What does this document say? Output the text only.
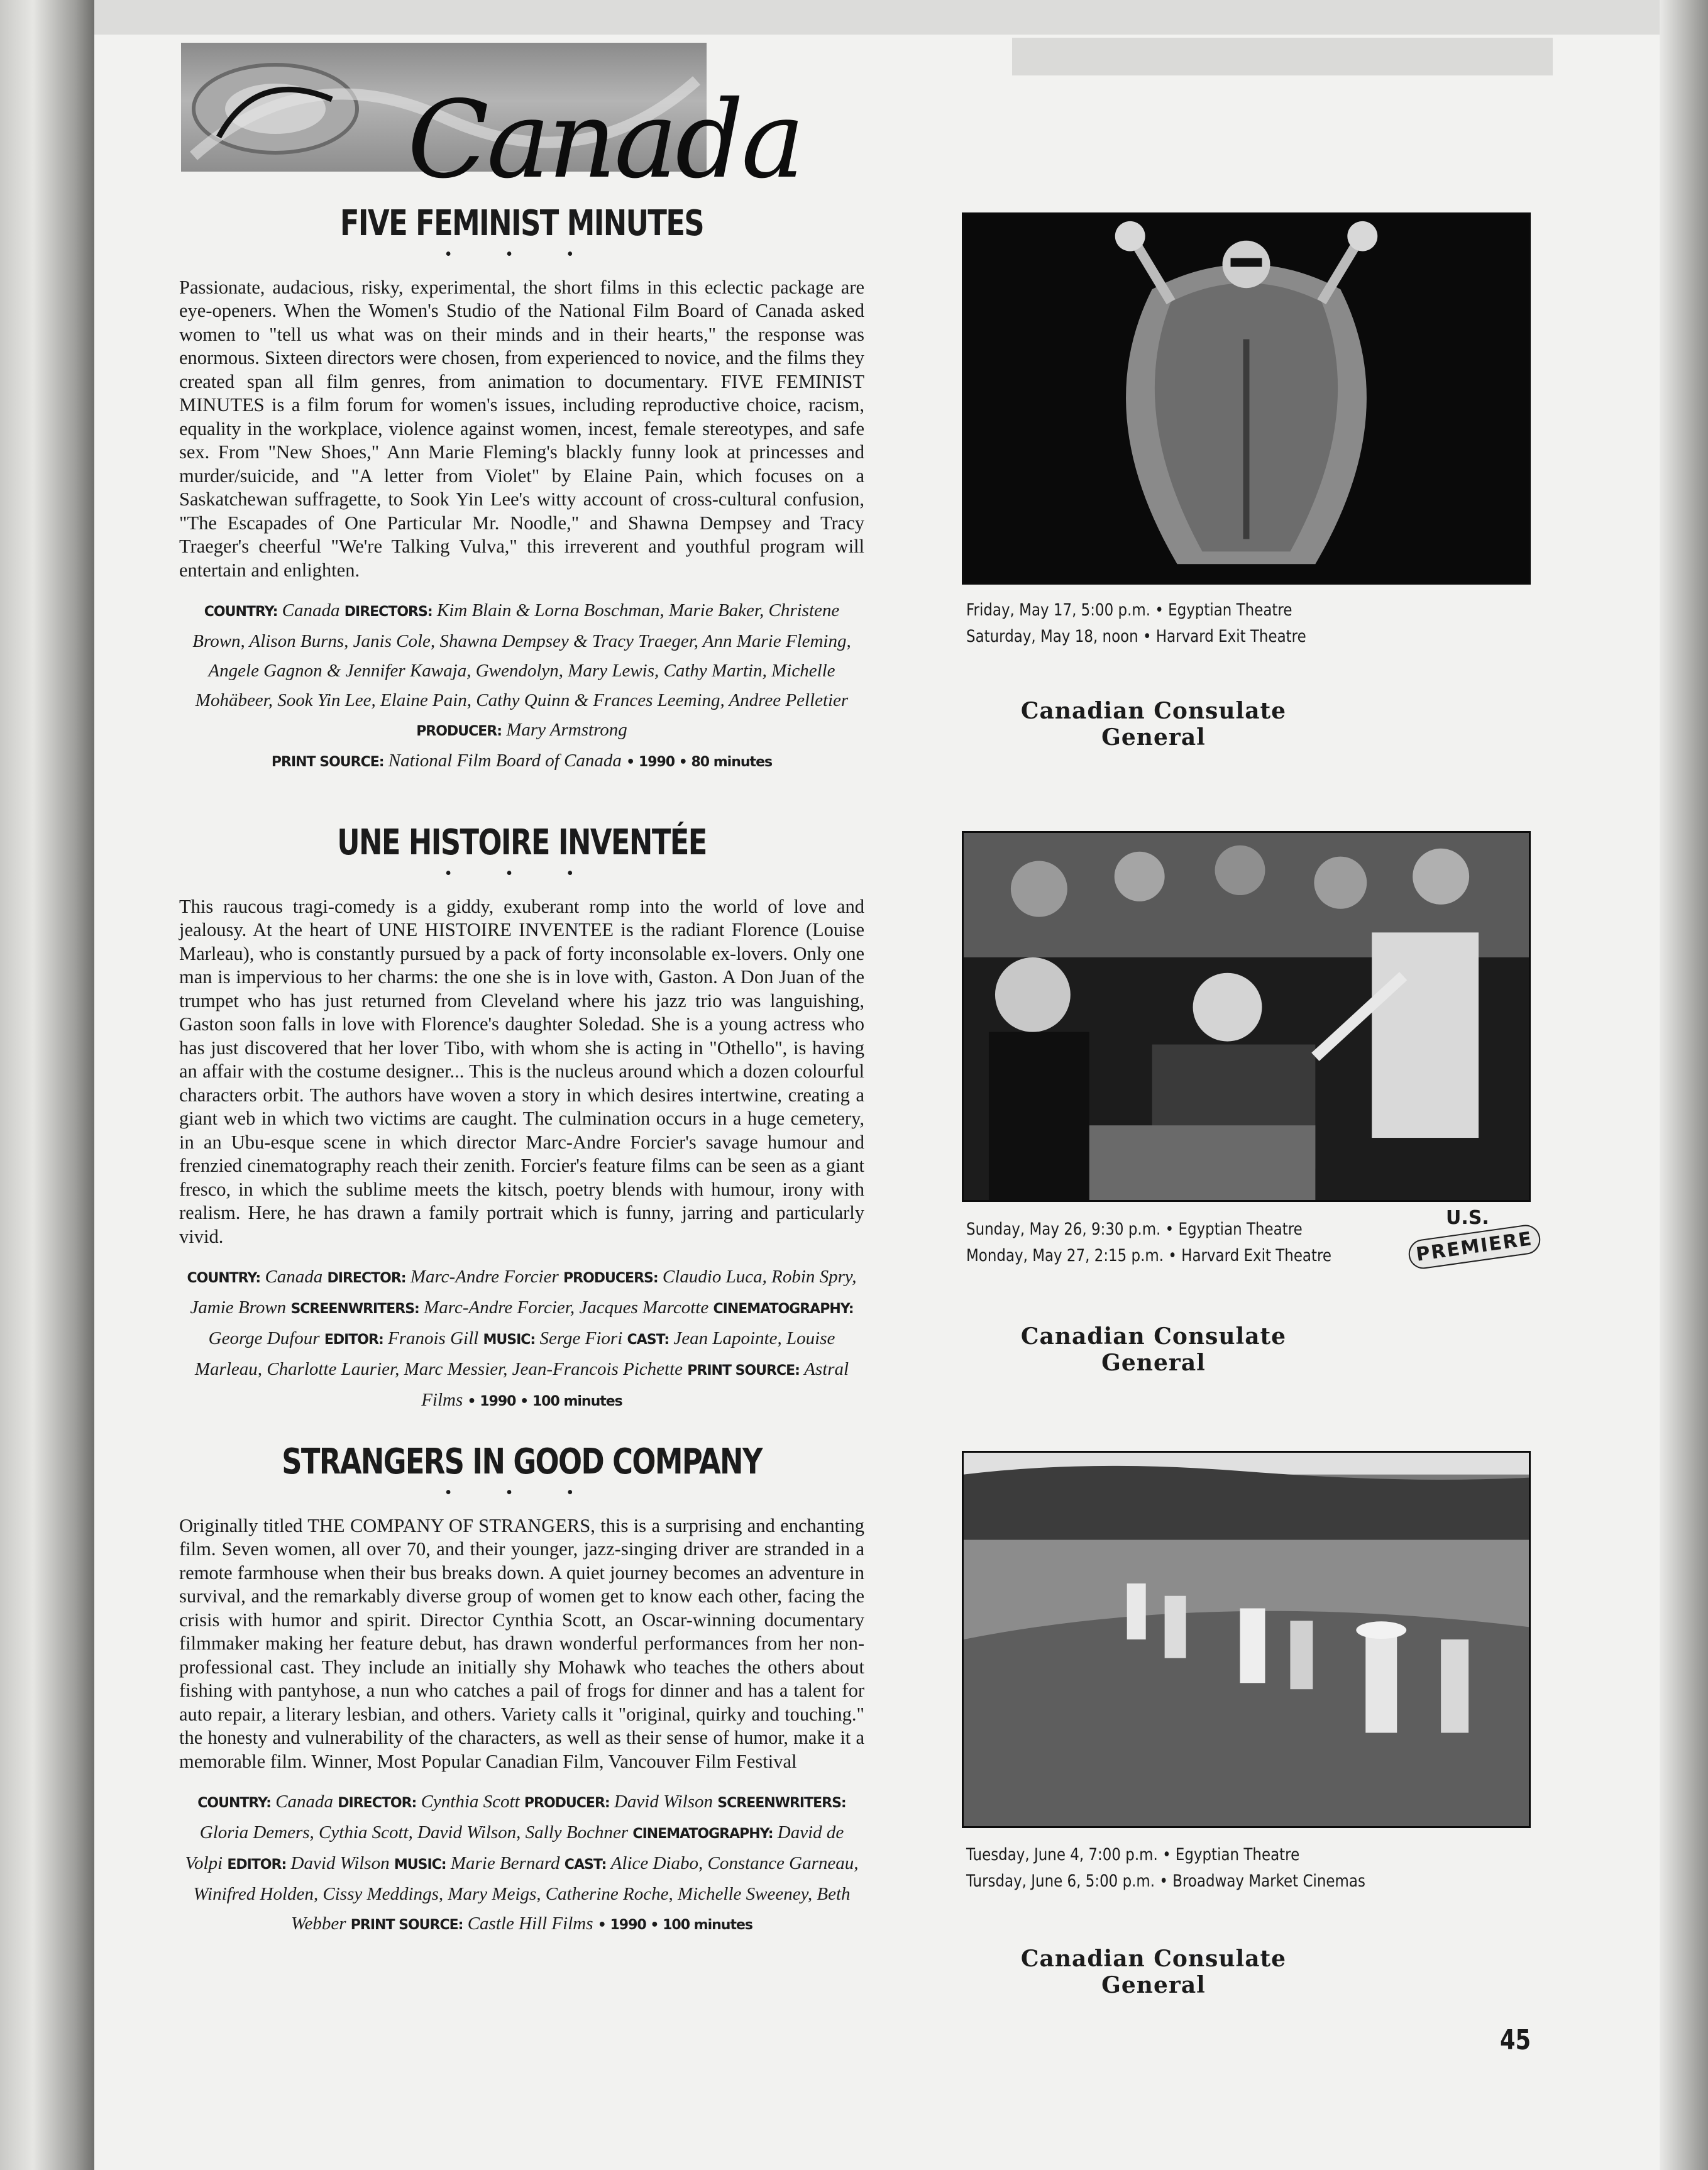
Canada
FIVE FEMINIST MINUTES
• • •

Passionate, audacious, risky, experimental, the short films in this eclectic package are eye-openers. When the Women's Studio of the National Film Board of Canada asked women to "tell us what was on their minds and in their hearts," the response was enormous. Sixteen directors were chosen, from experienced to novice, and the films they created span all film genres, from animation to documentary. FIVE FEMINIST MINUTES is a film forum for women's issues, including reproductive choice, racism, equality in the workplace, violence against women, incest, female stereotypes, and safe sex. From "New Shoes," Ann Marie Fleming's blackly funny look at princesses and murder/suicide, and "A letter from Violet" by Elaine Pain, which focuses on a Saskatchewan suffragette, to Sook Yin Lee's witty account of cross-cultural confusion, "The Escapades of One Particular Mr. Noodle," and Shawna Dempsey and Tracy Traeger's cheerful "We're Talking Vulva," this irreverent and youthful program will entertain and enlighten.

COUNTRY: Canada DIRECTORS: Kim Blain & Lorna Boschman, Marie Baker, Christene Brown, Alison Burns, Janis Cole, Shawna Dempsey & Tracy Traeger, Ann Marie Fleming, Angele Gagnon & Jennifer Kawaja, Gwendolyn, Mary Lewis, Cathy Martin, Michelle Mohäbeer, Sook Yin Lee, Elaine Pain, Cathy Quinn & Frances Leeming, Andree Pelletier PRODUCER: Mary Armstrong
PRINT SOURCE: National Film Board of Canada • 1990 • 80 minutes

UNE HISTOIRE INVENTÉE
• • •

This raucous tragi-comedy is a giddy, exuberant romp into the world of love and jealousy. At the heart of UNE HISTOIRE INVENTEE is the radiant Florence (Louise Marleau), who is constantly pursued by a pack of forty inconsolable ex-lovers. Only one man is impervious to her charms: the one she is in love with, Gaston. A Don Juan of the trumpet who has just returned from Cleveland where his jazz trio was languishing, Gaston soon falls in love with Florence's daughter Soledad. She is a young actress who has just discovered that her lover Tibo, with whom she is acting in "Othello", is having an affair with the costume designer... This is the nucleus around which a dozen colourful characters orbit. The authors have woven a story in which desires intertwine, creating a giant web in which two victims are caught. The culmination occurs in a huge cemetery, in an Ubu-esque scene in which director Marc-Andre Forcier's savage humour and frenzied cinematography reach their zenith. Forcier's feature films can be seen as a giant fresco, in which the sublime meets the kitsch, poetry blends with humour, irony with realism. Here, he has drawn a family portrait which is funny, jarring and particularly vivid.

COUNTRY: Canada DIRECTOR: Marc-Andre Forcier PRODUCERS: Claudio Luca, Robin Spry, Jamie Brown SCREENWRITERS: Marc-Andre Forcier, Jacques Marcotte CINEMATOGRAPHY: George Dufour EDITOR: Franois Gill MUSIC: Serge Fiori CAST: Jean Lapointe, Louise Marleau, Charlotte Laurier, Marc Messier, Jean-Francois Pichette PRINT SOURCE: Astral Films • 1990 • 100 minutes

STRANGERS IN GOOD COMPANY
• • •

Originally titled THE COMPANY OF STRANGERS, this is a surprising and enchanting film. Seven women, all over 70, and their younger, jazz-singing driver are stranded in a remote farmhouse when their bus breaks down. A quiet journey becomes an adventure in survival, and the remarkably diverse group of women get to know each other, facing the crisis with humor and spirit. Director Cynthia Scott, an Oscar-winning documentary filmmaker making her feature debut, has drawn wonderful performances from her non-professional cast. They include an initially shy Mohawk who teaches the others about fishing with pantyhose, a nun who catches a pail of frogs for dinner and has a talent for auto repair, a literary lesbian, and others. Variety calls it "original, quirky and touching." the honesty and vulnerability of the characters, as well as their sense of humor, make it a memorable film. Winner, Most Popular Canadian Film, Vancouver Film Festival

COUNTRY: Canada DIRECTOR: Cynthia Scott PRODUCER: David Wilson SCREENWRITERS: Gloria Demers, Cythia Scott, David Wilson, Sally Bochner CINEMATOGRAPHY: David de Volpi EDITOR: David Wilson MUSIC: Marie Bernard CAST: Alice Diabo, Constance Garneau, Winifred Holden, Cissy Meddings, Mary Meigs, Catherine Roche, Michelle Sweeney, Beth Webber PRINT SOURCE: Castle Hill Films • 1990 • 100 minutes

Friday, May 17, 5:00 p.m. • Egyptian Theatre
Saturday, May 18, noon • Harvard Exit Theatre
Canadian Consulate General
Sunday, May 26, 9:30 p.m. • Egyptian Theatre
Monday, May 27, 2:15 p.m. • Harvard Exit Theatre
U.S.
PREMIERE
Canadian Consulate General
Tuesday, June 4, 7:00 p.m. • Egyptian Theatre
Tursday, June 6, 5:00 p.m. • Broadway Market Cinemas
Canadian Consulate General
45
